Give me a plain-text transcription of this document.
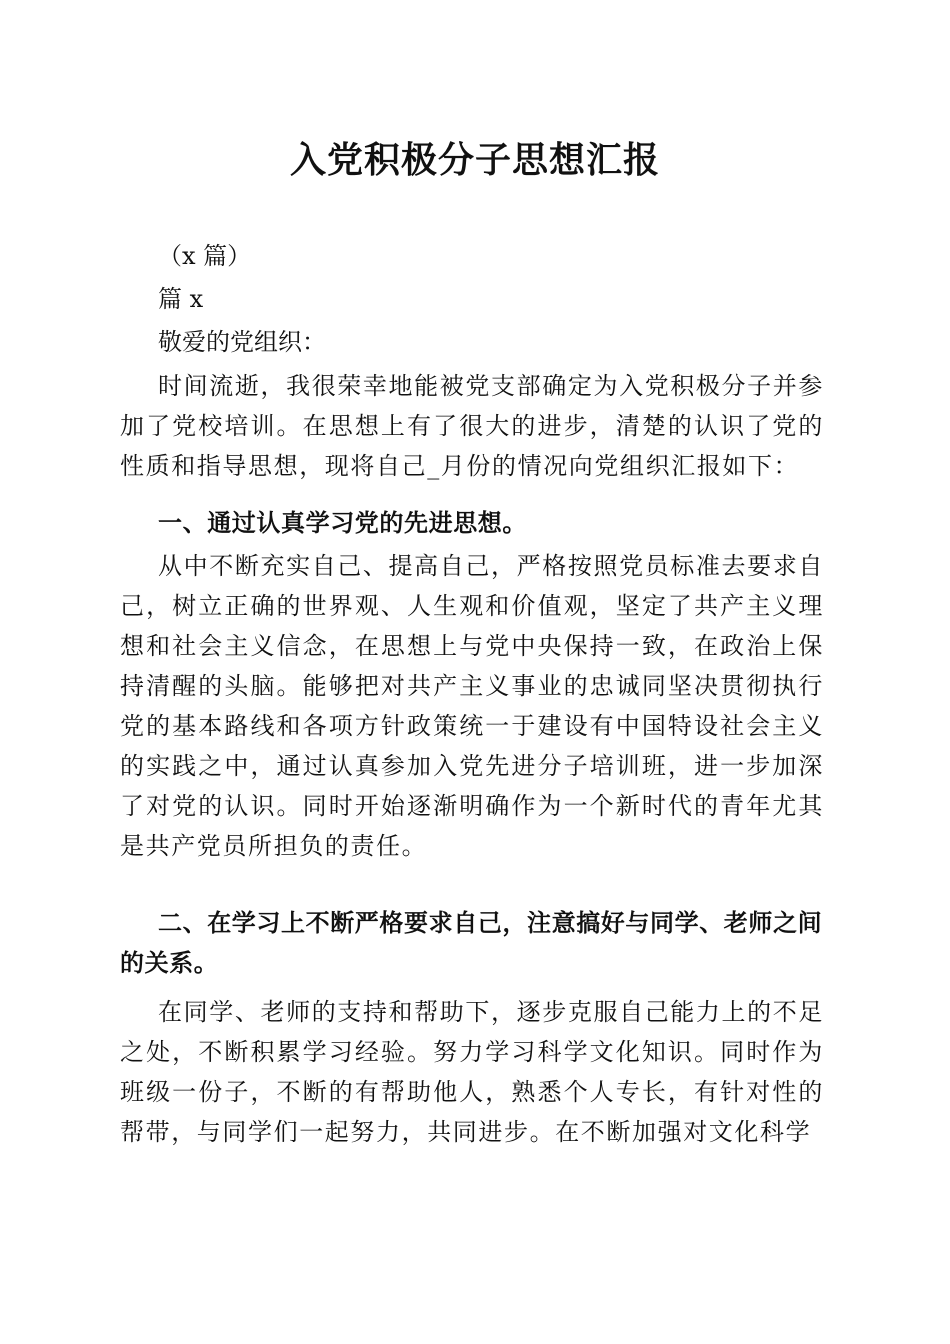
入党积极分子思想汇报
（x 篇）
篇 x
敬爱的党组织：

时间流逝，我很荣幸地能被党支部确定为入党积极分子并参加了党校培训。在思想上有了很大的进步，清楚的认识了党的性质和指导思想，现将自己_月份的情况向党组织汇报如下：

一、通过认真学习党的先进思想。

从中不断充实自己、提高自己，严格按照党员标准去要求自己，树立正确的世界观、人生观和价值观，坚定了共产主义理想和社会主义信念，在思想上与党中央保持一致，在政治上保持清醒的头脑。能够把对共产主义事业的忠诚同坚决贯彻执行党的基本路线和各项方针政策统一于建设有中国特设社会主义的实践之中，通过认真参加入党先进分子培训班，进一步加深了对党的认识。同时开始逐渐明确作为一个新时代的青年尤其是共产党员所担负的责任。

二、在学习上不断严格要求自己，注意搞好与同学、老师之间的关系。

在同学、老师的支持和帮助下，逐步克服自己能力上的不足之处，不断积累学习经验。努力学习科学文化知识。同时作为班级一份子，不断的有帮助他人，熟悉个人专长，有针对性的帮带，与同学们一起努力，共同进步。在不断加强对文化科学
